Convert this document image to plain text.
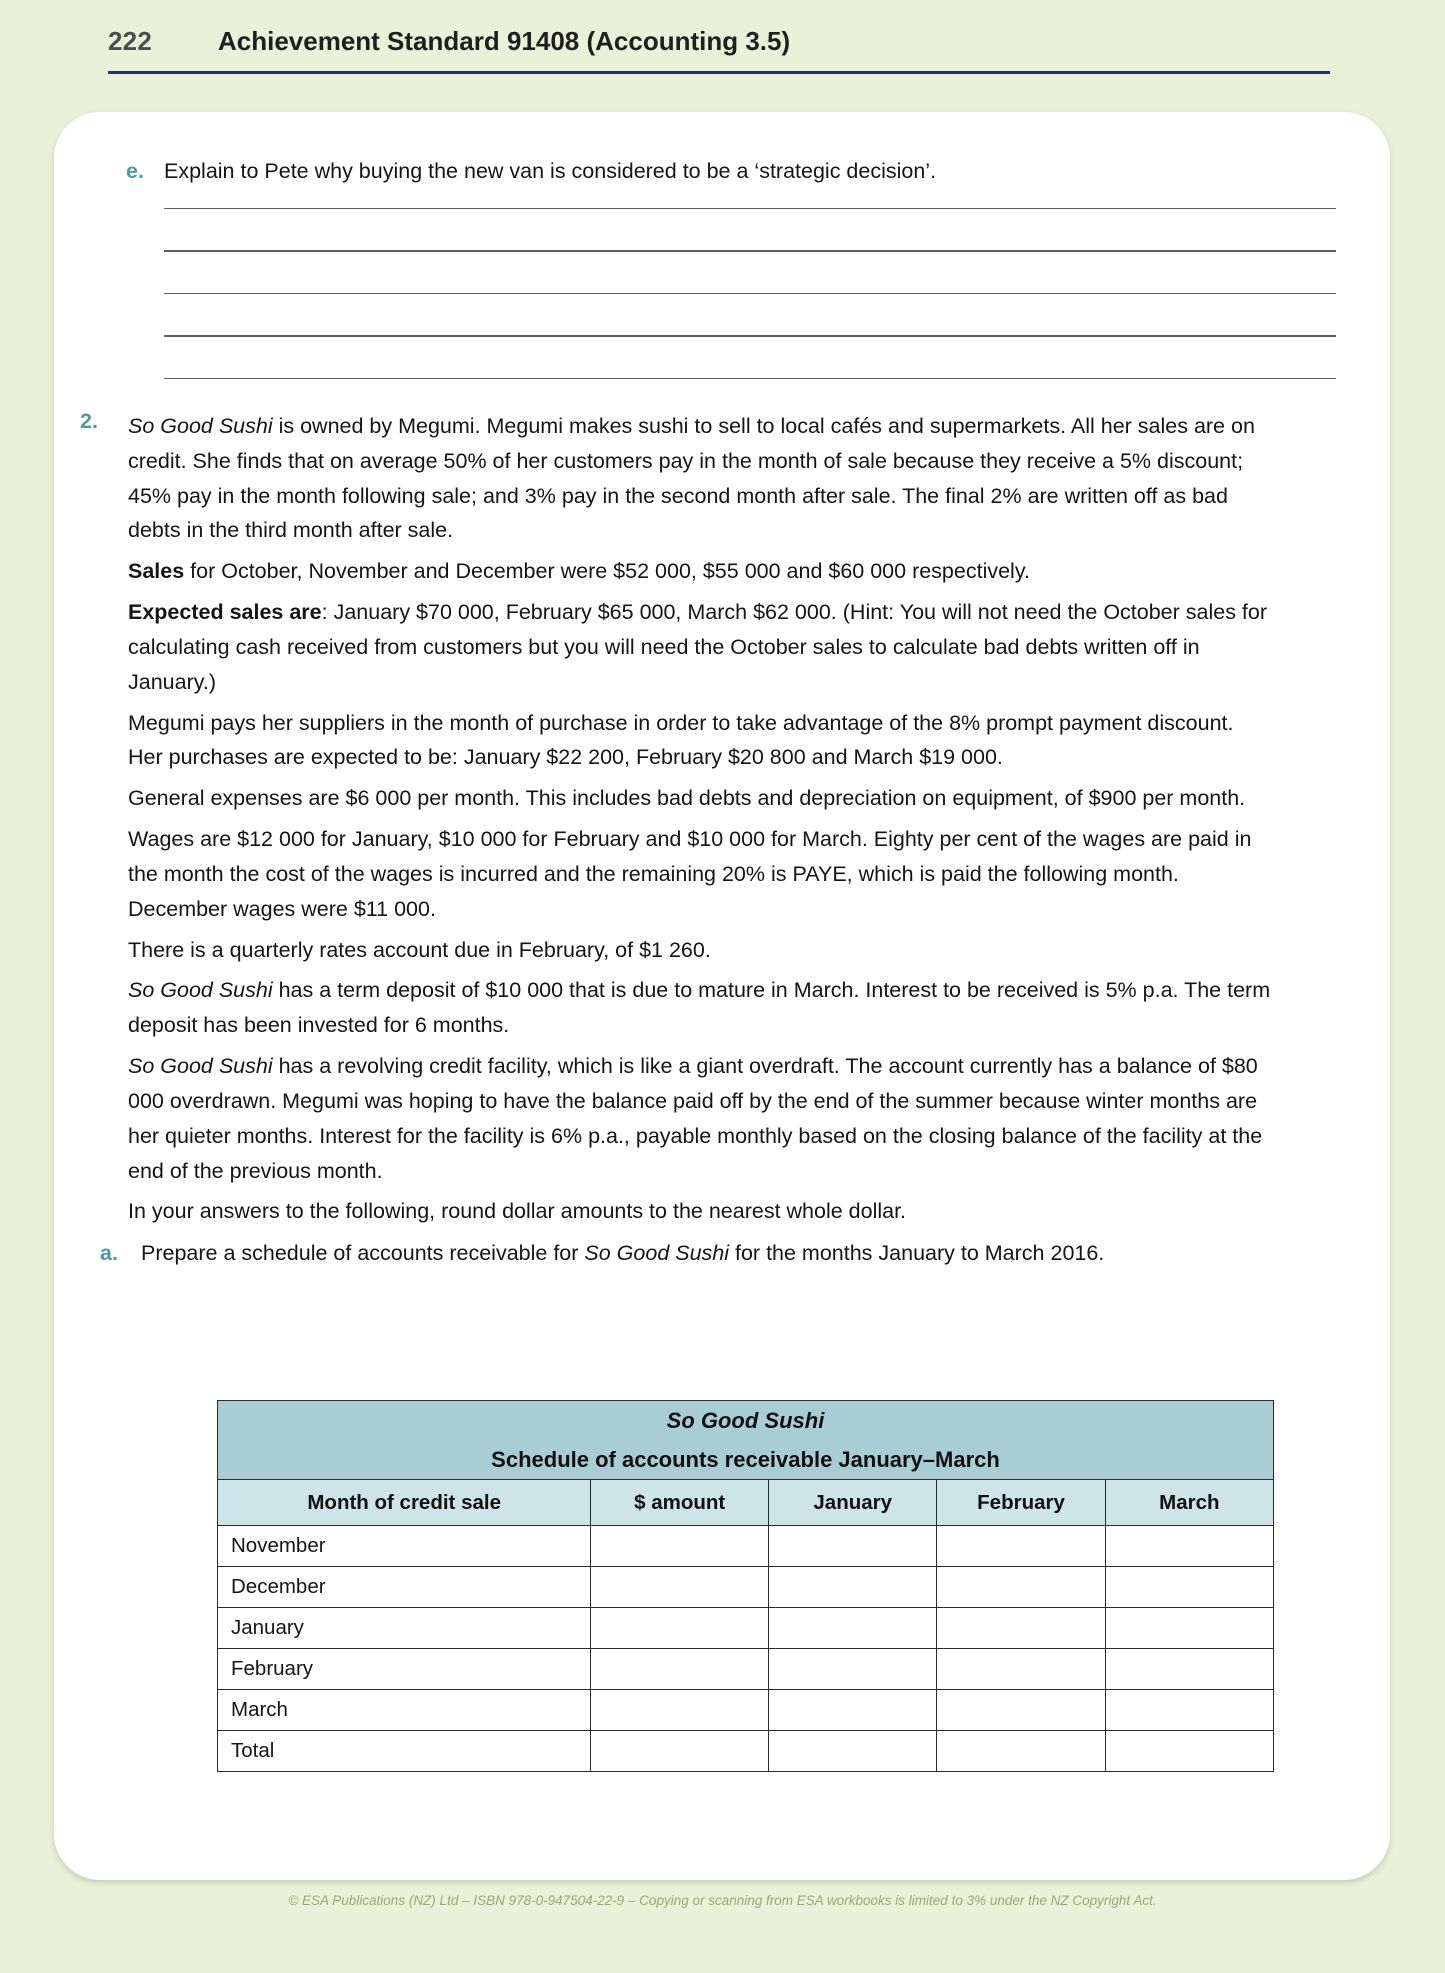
222	Achievement Standard 91408 (Accounting 3.5)
e. Explain to Pete why buying the new van is considered to be a ‘strategic decision’.
2. So Good Sushi is owned by Megumi. Megumi makes sushi to sell to local cafés and supermarkets. All her sales are on credit. She finds that on average 50% of her customers pay in the month of sale because they receive a 5% discount; 45% pay in the month following sale; and 3% pay in the second month after sale. The final 2% are written off as bad debts in the third month after sale.

Sales for October, November and December were $52 000, $55 000 and $60 000 respectively.

Expected sales are: January $70 000, February $65 000, March $62 000. (Hint: You will not need the October sales for calculating cash received from customers but you will need the October sales to calculate bad debts written off in January.)

Megumi pays her suppliers in the month of purchase in order to take advantage of the 8% prompt payment discount. Her purchases are expected to be: January $22 200, February $20 800 and March $19 000.

General expenses are $6 000 per month. This includes bad debts and depreciation on equipment, of $900 per month.

Wages are $12 000 for January, $10 000 for February and $10 000 for March. Eighty per cent of the wages are paid in the month the cost of the wages is incurred and the remaining 20% is PAYE, which is paid the following month. December wages were $11 000.

There is a quarterly rates account due in February, of $1 260.

So Good Sushi has a term deposit of $10 000 that is due to mature in March. Interest to be received is 5% p.a. The term deposit has been invested for 6 months.

So Good Sushi has a revolving credit facility, which is like a giant overdraft. The account currently has a balance of $80 000 overdrawn. Megumi was hoping to have the balance paid off by the end of the summer because winter months are her quieter months. Interest for the facility is 6% p.a., payable monthly based on the closing balance of the facility at the end of the previous month.

In your answers to the following, round dollar amounts to the nearest whole dollar.

a.	Prepare a schedule of accounts receivable for So Good Sushi for the months January to March 2016.
So Good Sushi				
Schedule of accounts receivable January–March				
Month of credit sale	$ amount	January	February	March
November				
December				
January				
February				
March				
Total				
© ESA Publications (NZ) Ltd – ISBN 978-0-947504-22-9 – Copying or scanning from ESA workbooks is limited to 3% under the NZ Copyright Act.
